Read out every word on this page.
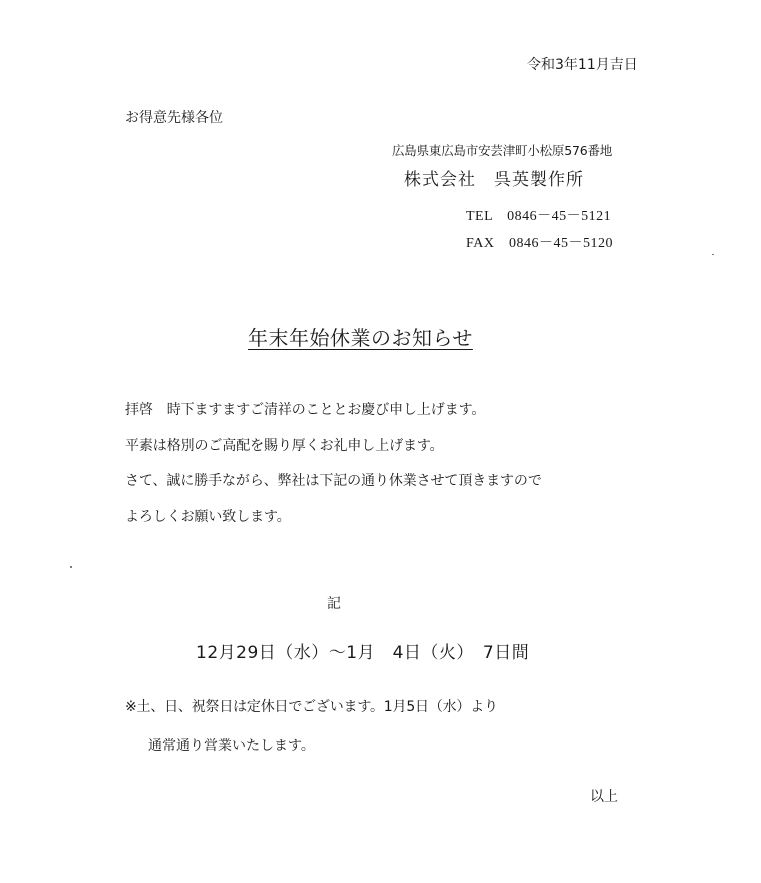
令和3年11月吉日
お得意先様各位
広島県東広島市安芸津町小松原576番地
株式会社　呉英製作所
TEL　0846－45－5121
FAX　0846－45－5120
年末年始休業のお知らせ
拝啓　時下ますますご清祥のこととお慶び申し上げます。
平素は格別のご高配を賜り厚くお礼申し上げます。
さて、誠に勝手ながら、弊社は下記の通り休業させて頂きますので
よろしくお願い致します。
記
12月29日（水）～1月　4日（火）　7日間
※土、日、祝祭日は定休日でございます。1月5日（水）より
通常通り営業いたします。
以上
